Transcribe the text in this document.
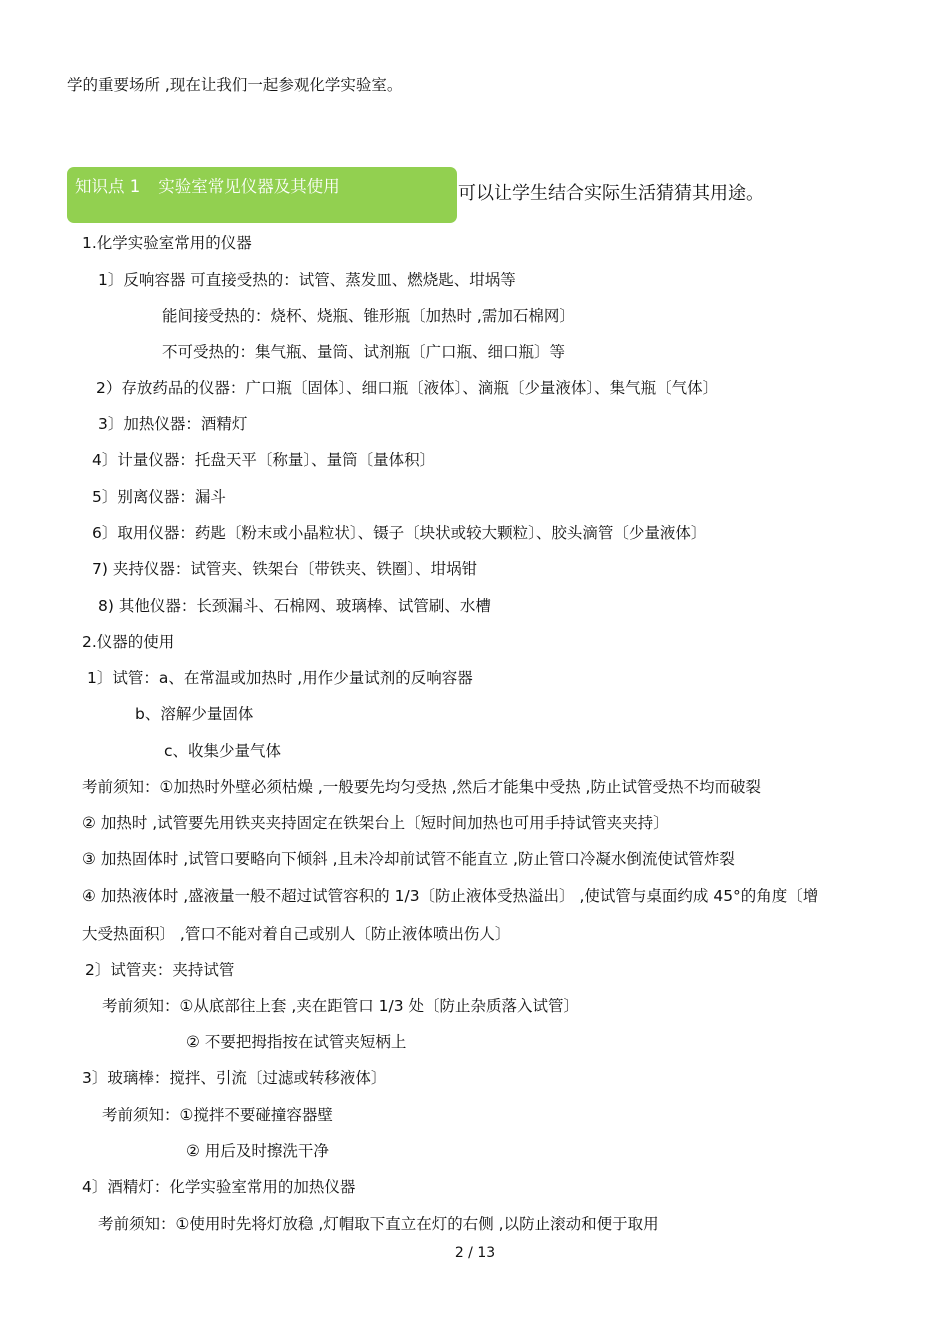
学的重要场所 ,现在让我们一起参观化学实验室。
知识点 1 实验室常见仪器及其使用	可以让学生结合实际生活猜猜其用途。
1.化学实验室常用的仪器
1〕反响容器 可直接受热的：试管、蒸发皿、燃烧匙、坩埚等
能间接受热的：烧杯、烧瓶、锥形瓶〔加热时 ,需加石棉网〕
不可受热的：集气瓶、量筒、试剂瓶〔广口瓶、细口瓶〕等
2）存放药品的仪器：广口瓶〔固体〕、细口瓶〔液体〕、滴瓶〔少量液体〕、集气瓶〔气体〕
3〕加热仪器：酒精灯
4〕计量仪器：托盘天平〔称量〕、量筒〔量体积〕
5〕别离仪器：漏斗
6〕取用仪器：药匙〔粉末或小晶粒状〕、镊子〔块状或较大颗粒〕、胶头滴管〔少量液体〕
7) 夹持仪器：试管夹、铁架台〔带铁夹、铁圈〕、坩埚钳
8) 其他仪器：长颈漏斗、石棉网、玻璃棒、试管刷、水槽
2.仪器的使用
1〕试管：a、在常温或加热时 ,用作少量试剂的反响容器
b、溶解少量固体
c、收集少量气体
考前须知：①加热时外壁必须枯燥 ,一般要先均匀受热 ,然后才能集中受热 ,防止试管受热不均而破裂
② 加热时 ,试管要先用铁夹夹持固定在铁架台上〔短时间加热也可用手持试管夹夹持〕
③ 加热固体时 ,试管口要略向下倾斜 ,且未冷却前试管不能直立 ,防止管口冷凝水倒流使试管炸裂
④ 加热液体时 ,盛液量一般不超过试管容积的 1/3〔防止液体受热溢出〕 ,使试管与桌面约成 45°的角度〔增
大受热面积〕 ,管口不能对着自己或别人〔防止液体喷出伤人〕
2〕试管夹：夹持试管
考前须知：①从底部往上套 ,夹在距管口 1/3 处〔防止杂质落入试管〕
② 不要把拇指按在试管夹短柄上
3〕玻璃棒：搅拌、引流〔过滤或转移液体〕
考前须知：①搅拌不要碰撞容器壁
② 用后及时擦洗干净
4〕酒精灯：化学实验室常用的加热仪器
考前须知：①使用时先将灯放稳 ,灯帽取下直立在灯的右侧 ,以防止滚动和便于取用
2 / 13
